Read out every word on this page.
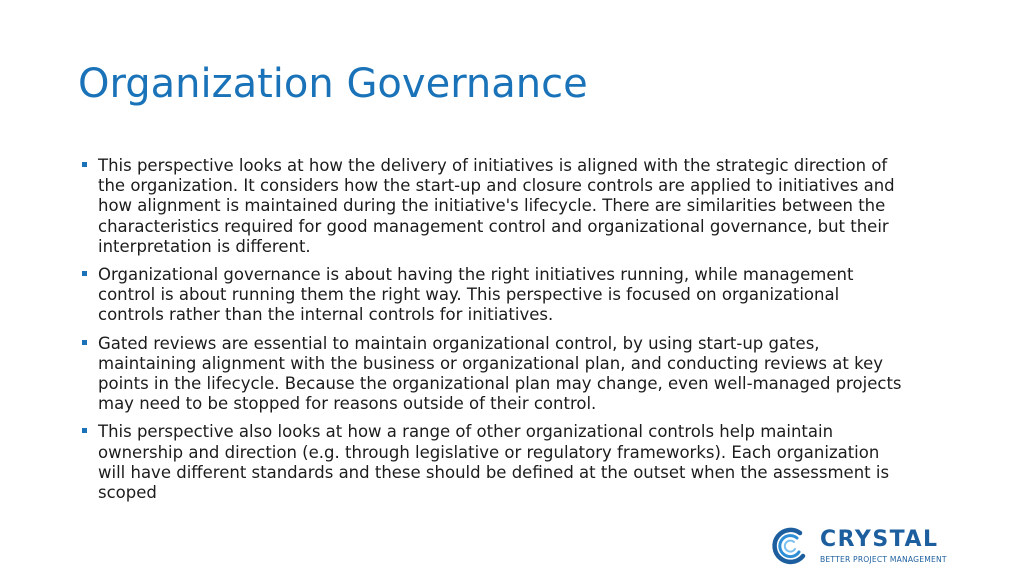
Organization Governance
This perspective looks at how the delivery of initiatives is aligned with the strategic direction of the organization. It considers how the start-up and closure controls are applied to initiatives and how alignment is maintained during the initiative's lifecycle. There are similarities between the characteristics required for good management control and organizational governance, but their interpretation is different.
Organizational governance is about having the right initiatives running, while management control is about running them the right way. This perspective is focused on organizational controls rather than the internal controls for initiatives.
Gated reviews are essential to maintain organizational control, by using start-up gates, maintaining alignment with the business or organizational plan, and conducting reviews at key points in the lifecycle. Because the organizational plan may change, even well-managed projects may need to be stopped for reasons outside of their control.
This perspective also looks at how a range of other organizational controls help maintain ownership and direction (e.g. through legislative or regulatory frameworks). Each organization will have different standards and these should be defined at the outset when the assessment is scoped
CRYSTAL
BETTER PROJECT MANAGEMENT
